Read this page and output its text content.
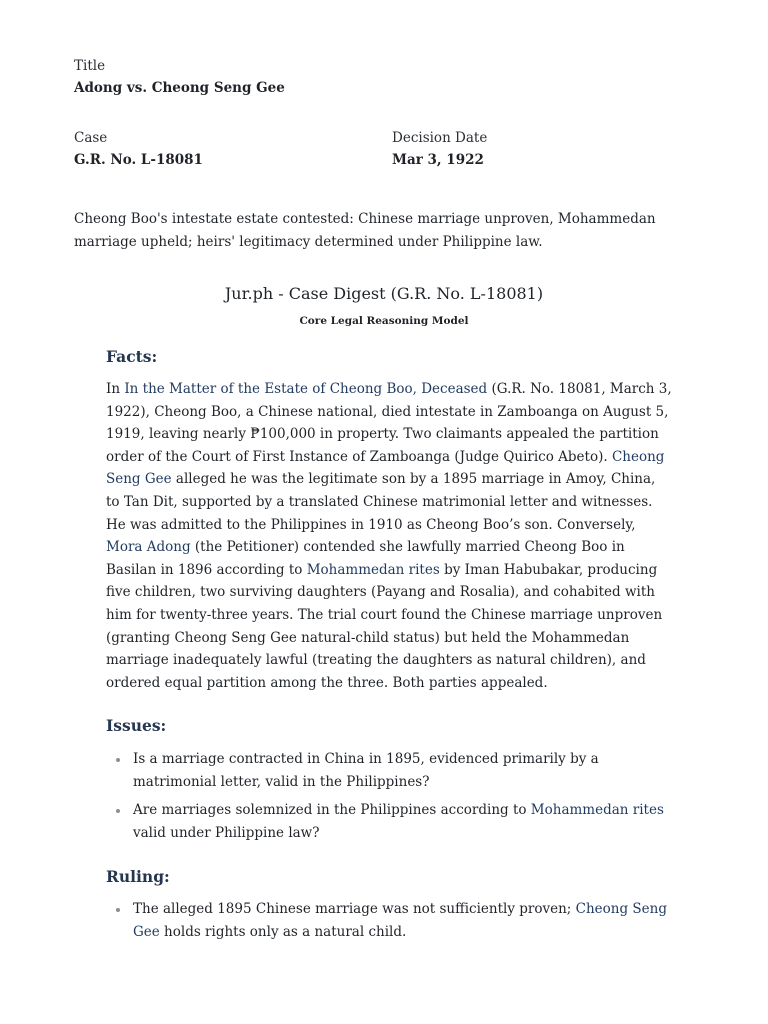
Title
Adong vs. Cheong Seng Gee
Case
G.R. No. L-18081
Decision Date
Mar 3, 1922
Cheong Boo's intestate estate contested: Chinese marriage unproven, Mohammedan marriage upheld; heirs' legitimacy determined under Philippine law.
Jur.ph - Case Digest (G.R. No. L-18081)
Core Legal Reasoning Model
Facts:
In In the Matter of the Estate of Cheong Boo, Deceased (G.R. No. 18081, March 3, 1922), Cheong Boo, a Chinese national, died intestate in Zamboanga on August 5, 1919, leaving nearly ₱100,000 in property. Two claimants appealed the partition order of the Court of First Instance of Zamboanga (Judge Quirico Abeto). Cheong Seng Gee alleged he was the legitimate son by a 1895 marriage in Amoy, China, to Tan Dit, supported by a translated Chinese matrimonial letter and witnesses. He was admitted to the Philippines in 1910 as Cheong Boo’s son. Conversely, Mora Adong (the Petitioner) contended she lawfully married Cheong Boo in Basilan in 1896 according to Mohammedan rites by Iman Habubakar, producing five children, two surviving daughters (Payang and Rosalia), and cohabited with him for twenty-three years. The trial court found the Chinese marriage unproven (granting Cheong Seng Gee natural-child status) but held the Mohammedan marriage inadequately lawful (treating the daughters as natural children), and ordered equal partition among the three. Both parties appealed.
Issues:
Is a marriage contracted in China in 1895, evidenced primarily by a matrimonial letter, valid in the Philippines?
Are marriages solemnized in the Philippines according to Mohammedan rites valid under Philippine law?
Ruling:
The alleged 1895 Chinese marriage was not sufficiently proven; Cheong Seng Gee holds rights only as a natural child.
